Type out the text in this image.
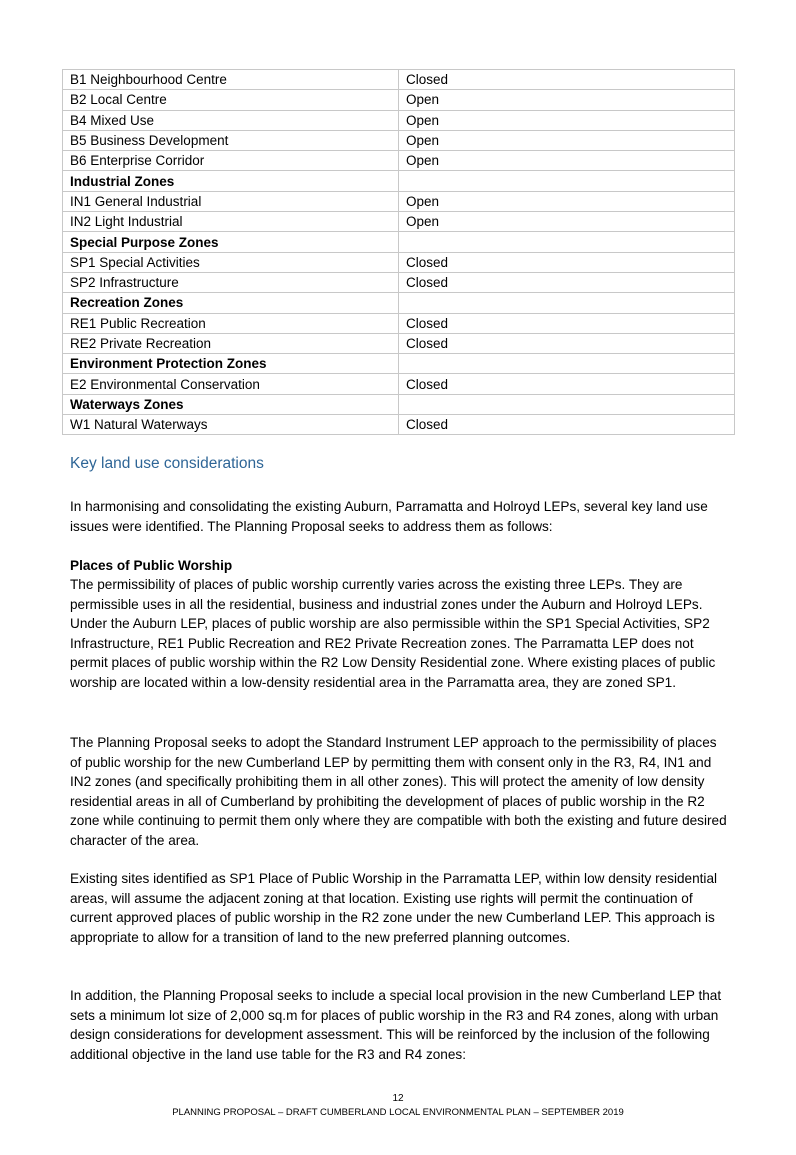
B1 Neighbourhood Centre	Closed
B2 Local Centre	Open
B4 Mixed Use	Open
B5 Business Development	Open
B6 Enterprise Corridor	Open
Industrial Zones	
IN1 General Industrial	Open
IN2 Light Industrial	Open
Special Purpose Zones	
SP1 Special Activities	Closed
SP2 Infrastructure	Closed
Recreation Zones	
RE1 Public Recreation	Closed
RE2 Private Recreation	Closed
Environment Protection Zones	
E2 Environmental Conservation	Closed
Waterways Zones	
W1 Natural Waterways	Closed
Key land use considerations

In harmonising and consolidating the existing Auburn, Parramatta and Holroyd LEPs, several key land use issues were identified. The Planning Proposal seeks to address them as follows:

Places of Public Worship

The permissibility of places of public worship currently varies across the existing three LEPs. They are permissible uses in all the residential, business and industrial zones under the Auburn and Holroyd LEPs. Under the Auburn LEP, places of public worship are also permissible within the SP1 Special Activities, SP2 Infrastructure, RE1 Public Recreation and RE2 Private Recreation zones. The Parramatta LEP does not permit places of public worship within the R2 Low Density Residential zone. Where existing places of public worship are located within a low-density residential area in the Parramatta area, they are zoned SP1.

The Planning Proposal seeks to adopt the Standard Instrument LEP approach to the permissibility of places of public worship for the new Cumberland LEP by permitting them with consent only in the R3, R4, IN1 and IN2 zones (and specifically prohibiting them in all other zones). This will protect the amenity of low density residential areas in all of Cumberland by prohibiting the development of places of public worship in the R2 zone while continuing to permit them only where they are compatible with both the existing and future desired character of the area.

Existing sites identified as SP1 Place of Public Worship in the Parramatta LEP, within low density residential areas, will assume the adjacent zoning at that location. Existing use rights will permit the continuation of current approved places of public worship in the R2 zone under the new Cumberland LEP. This approach is appropriate to allow for a transition of land to the new preferred planning outcomes.

In addition, the Planning Proposal seeks to include a special local provision in the new Cumberland LEP that sets a minimum lot size of 2,000 sq.m for places of public worship in the R3 and R4 zones, along with urban design considerations for development assessment. This will be reinforced by the inclusion of the following additional objective in the land use table for the R3 and R4 zones:

12
PLANNING PROPOSAL – DRAFT CUMBERLAND LOCAL ENVIRONMENTAL PLAN – SEPTEMBER 2019
